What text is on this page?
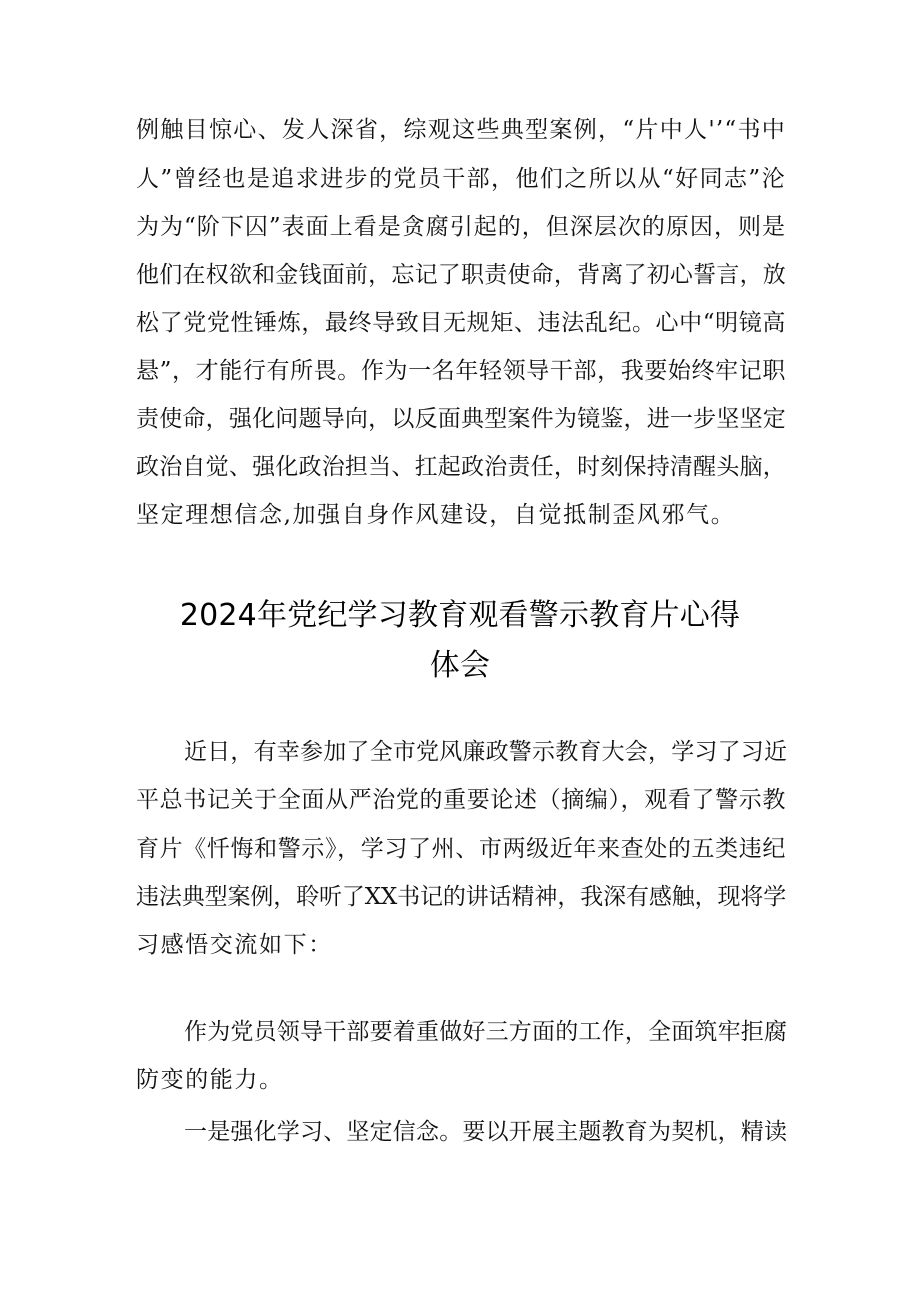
例触目惊心、发人深省，综观这些典型案例，“片中人'’“书中
人”曾经也是追求进步的党员干部，他们之所以从“好同志”沦
为为“阶下囚”表面上看是贪腐引起的，但深层次的原因，则是
他们在权欲和金钱面前，忘记了职责使命，背离了初心誓言，放
松了党党性锤炼，最终导致目无规矩、违法乱纪。心中“明镜高
悬”，才能行有所畏。作为一名年轻领导干部，我要始终牢记职
责使命，强化问题导向，以反面典型案件为镜鉴，进一步坚坚定
政治自觉、强化政治担当、扛起政治责任，时刻保持清醒头脑，
坚定理想信念,加强自身作风建设，自觉抵制歪风邪气。
2024年党纪学习教育观看警示教育片心得
体会
近日，有幸参加了全市党风廉政警示教育大会，学习了习近
平总书记关于全面从严治党的重要论述（摘编），观看了警示教
育片《忏悔和警示》，学习了州、市两级近年来查处的五类违纪
违法典型案例，聆听了XX书记的讲话精神，我深有感触，现将学
习感悟交流如下：
作为党员领导干部要着重做好三方面的工作，全面筑牢拒腐
防变的能力。
一是强化学习、坚定信念。要以开展主题教育为契机，精读
